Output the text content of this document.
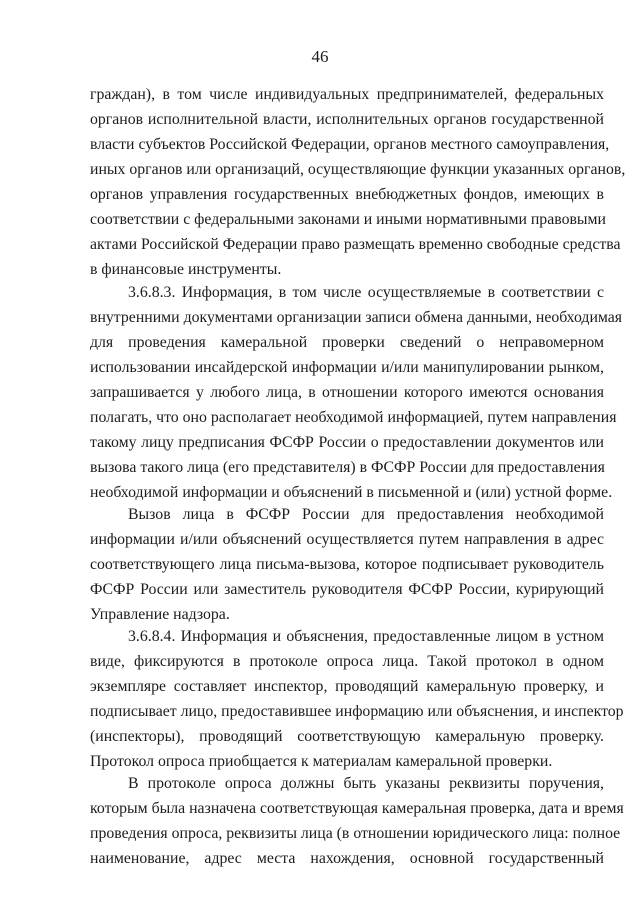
46
граждан), в том числе индивидуальных предпринимателей, федеральных
органов исполнительной власти, исполнительных органов государственной
власти субъектов Российской Федерации, органов местного самоуправления,
иных органов или организаций, осуществляющие функции указанных органов,
органов управления государственных внебюджетных фондов, имеющих в
соответствии с федеральными законами и иными нормативными правовыми
актами Российской Федерации право размещать временно свободные средства
в финансовые инструменты.
3.6.8.3. Информация, в том числе осуществляемые в соответствии с
внутренними документами организации записи обмена данными, необходимая
для проведения камеральной проверки сведений о неправомерном
использовании инсайдерской информации и/или манипулировании рынком,
запрашивается у любого лица, в отношении которого имеются основания
полагать, что оно располагает необходимой информацией, путем направления
такому лицу предписания ФСФР России о предоставлении документов или
вызова такого лица (его представителя) в ФСФР России для предоставления
необходимой информации и объяснений в письменной и (или) устной форме.
Вызов лица в ФСФР России для предоставления необходимой
информации и/или объяснений осуществляется путем направления в адрес
соответствующего лица письма-вызова, которое подписывает руководитель
ФСФР России или заместитель руководителя ФСФР России, курирующий
Управление надзора.
3.6.8.4. Информация и объяснения, предоставленные лицом в устном
виде, фиксируются в протоколе опроса лица. Такой протокол в одном
экземпляре составляет инспектор, проводящий камеральную проверку, и
подписывает лицо, предоставившее информацию или объяснения, и инспектор
(инспекторы), проводящий соответствующую камеральную проверку.
Протокол опроса приобщается к материалам камеральной проверки.
В протоколе опроса должны быть указаны реквизиты поручения,
которым была назначена соответствующая камеральная проверка, дата и время
проведения опроса, реквизиты лица (в отношении юридического лица: полное
наименование, адрес места нахождения, основной государственный
